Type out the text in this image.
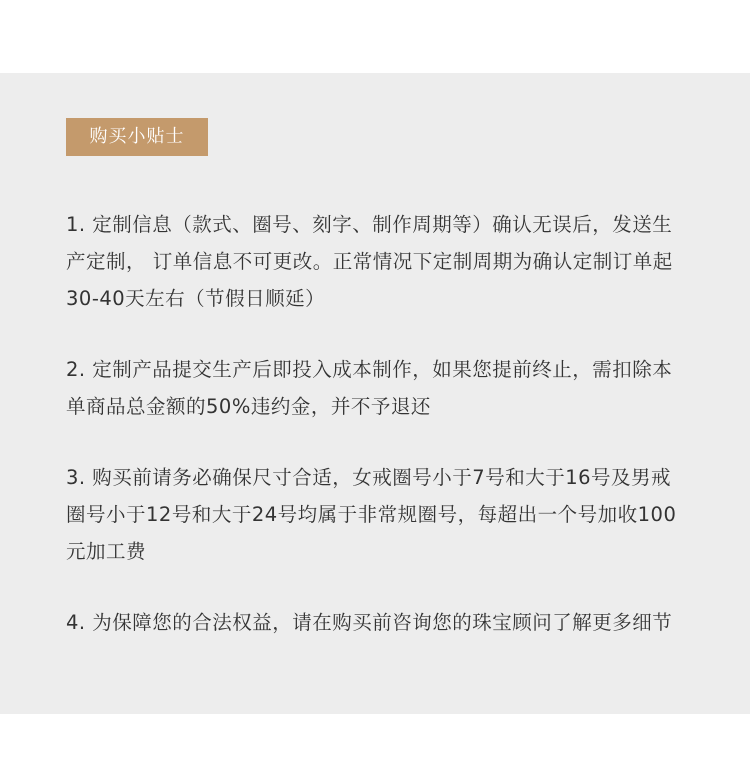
购买小贴士
1. 定制信息（款式、圈号、刻字、制作周期等）确认无误后，发送生产定制， 订单信息不可更改。正常情况下定制周期为确认定制订单起30-40天左右（节假日顺延）
2. 定制产品提交生产后即投入成本制作，如果您提前终止，需扣除本单商品总金额的50%违约金，并不予退还
3. 购买前请务必确保尺寸合适，女戒圈号小于7号和大于16号及男戒圈号小于12号和大于24号均属于非常规圈号，每超出一个号加收100元加工费
4. 为保障您的合法权益，请在购买前咨询您的珠宝顾问了解更多细节
